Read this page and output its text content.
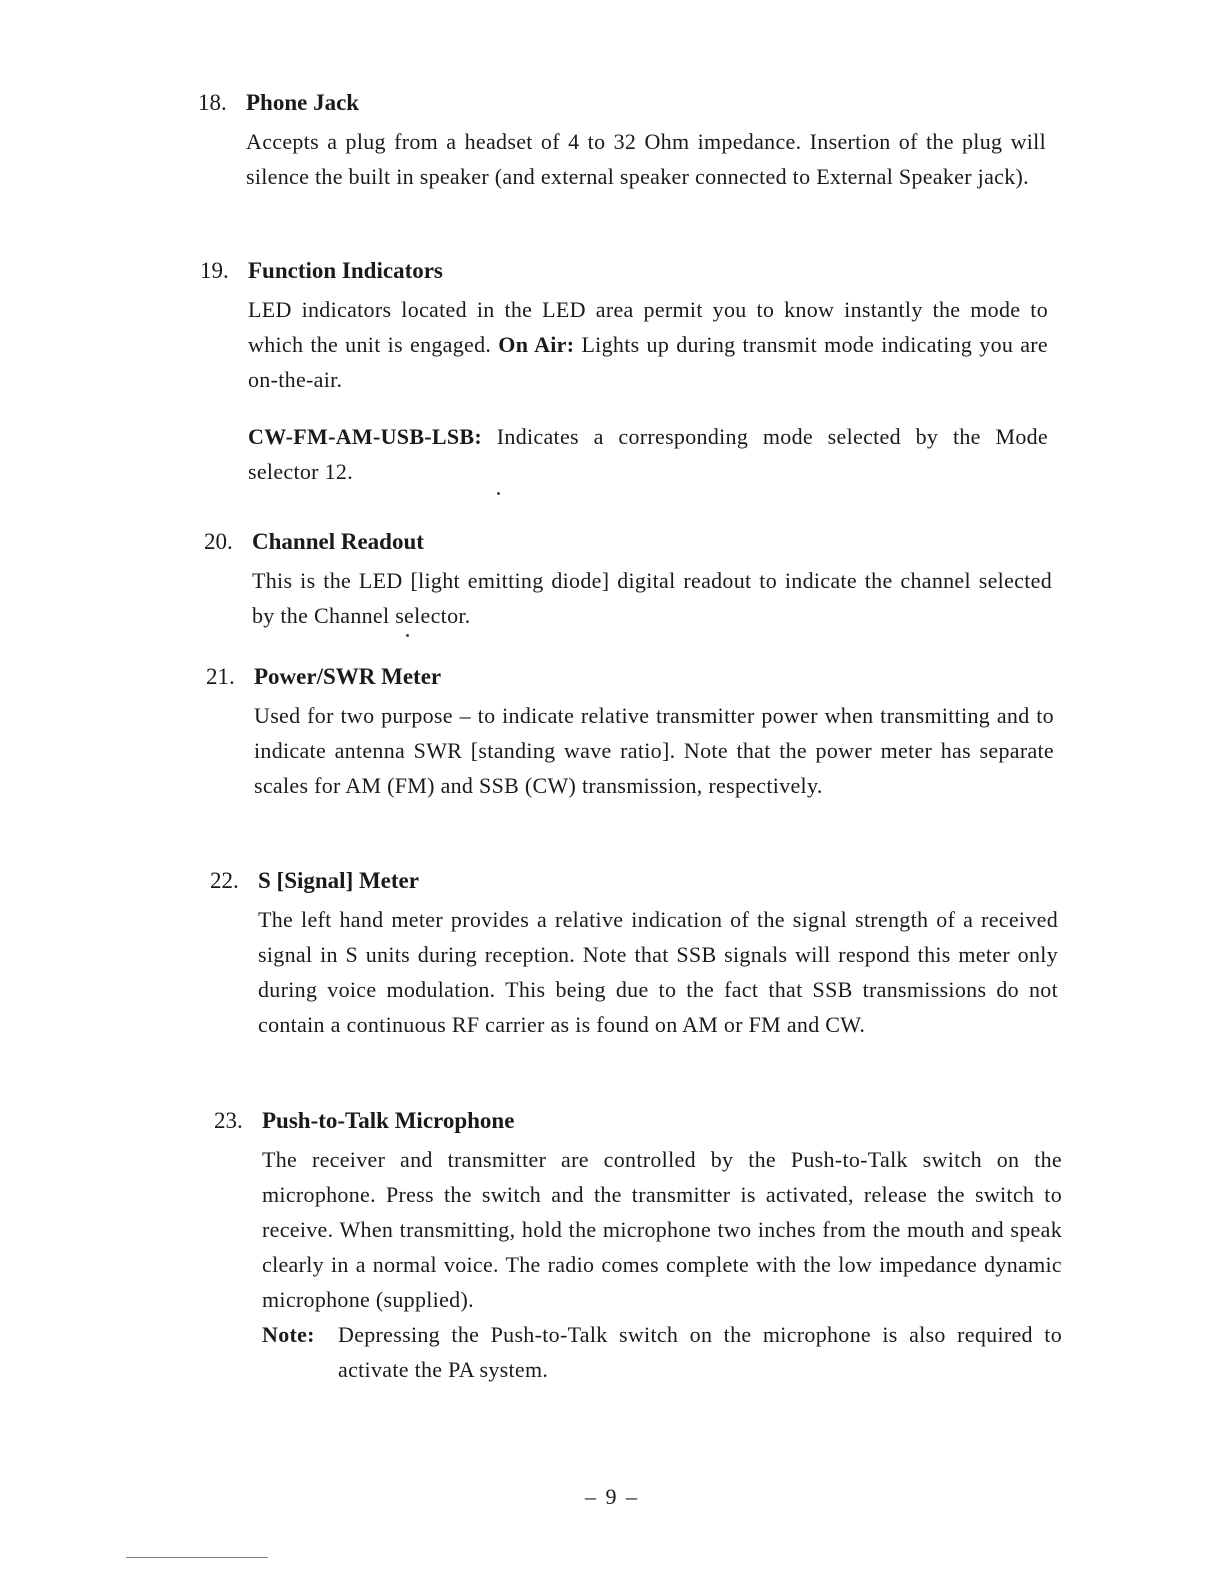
18. Phone Jack
Accepts a plug from a headset of 4 to 32 Ohm impedance. Insertion of the plug will silence the built in speaker (and external speaker connected to External Speaker jack).
19. Function Indicators
LED indicators located in the LED area permit you to know instantly the mode to which the unit is engaged. On Air: Lights up during transmit mode indicating you are on-the-air.
CW-FM-AM-USB-LSB: Indicates a corresponding mode selected by the Mode selector 12.
20. Channel Readout
This is the LED [light emitting diode] digital readout to indicate the channel selected by the Channel selector.
21. Power/SWR Meter
Used for two purpose – to indicate relative transmitter power when transmitting and to indicate antenna SWR [standing wave ratio]. Note that the power meter has separate scales for AM (FM) and SSB (CW) transmission, respectively.
22. S [Signal] Meter
The left hand meter provides a relative indication of the signal strength of a received signal in S units during reception. Note that SSB signals will respond this meter only during voice modulation. This being due to the fact that SSB transmissions do not contain a continuous RF carrier as is found on AM or FM and CW.
23. Push-to-Talk Microphone
The receiver and transmitter are controlled by the Push-to-Talk switch on the microphone. Press the switch and the transmitter is activated, release the switch to receive. When transmitting, hold the microphone two inches from the mouth and speak clearly in a normal voice. The radio comes complete with the low impedance dynamic microphone (supplied).
Note:	Depressing the Push-to-Talk switch on the microphone is also required to activate the PA system.
– 9 –
